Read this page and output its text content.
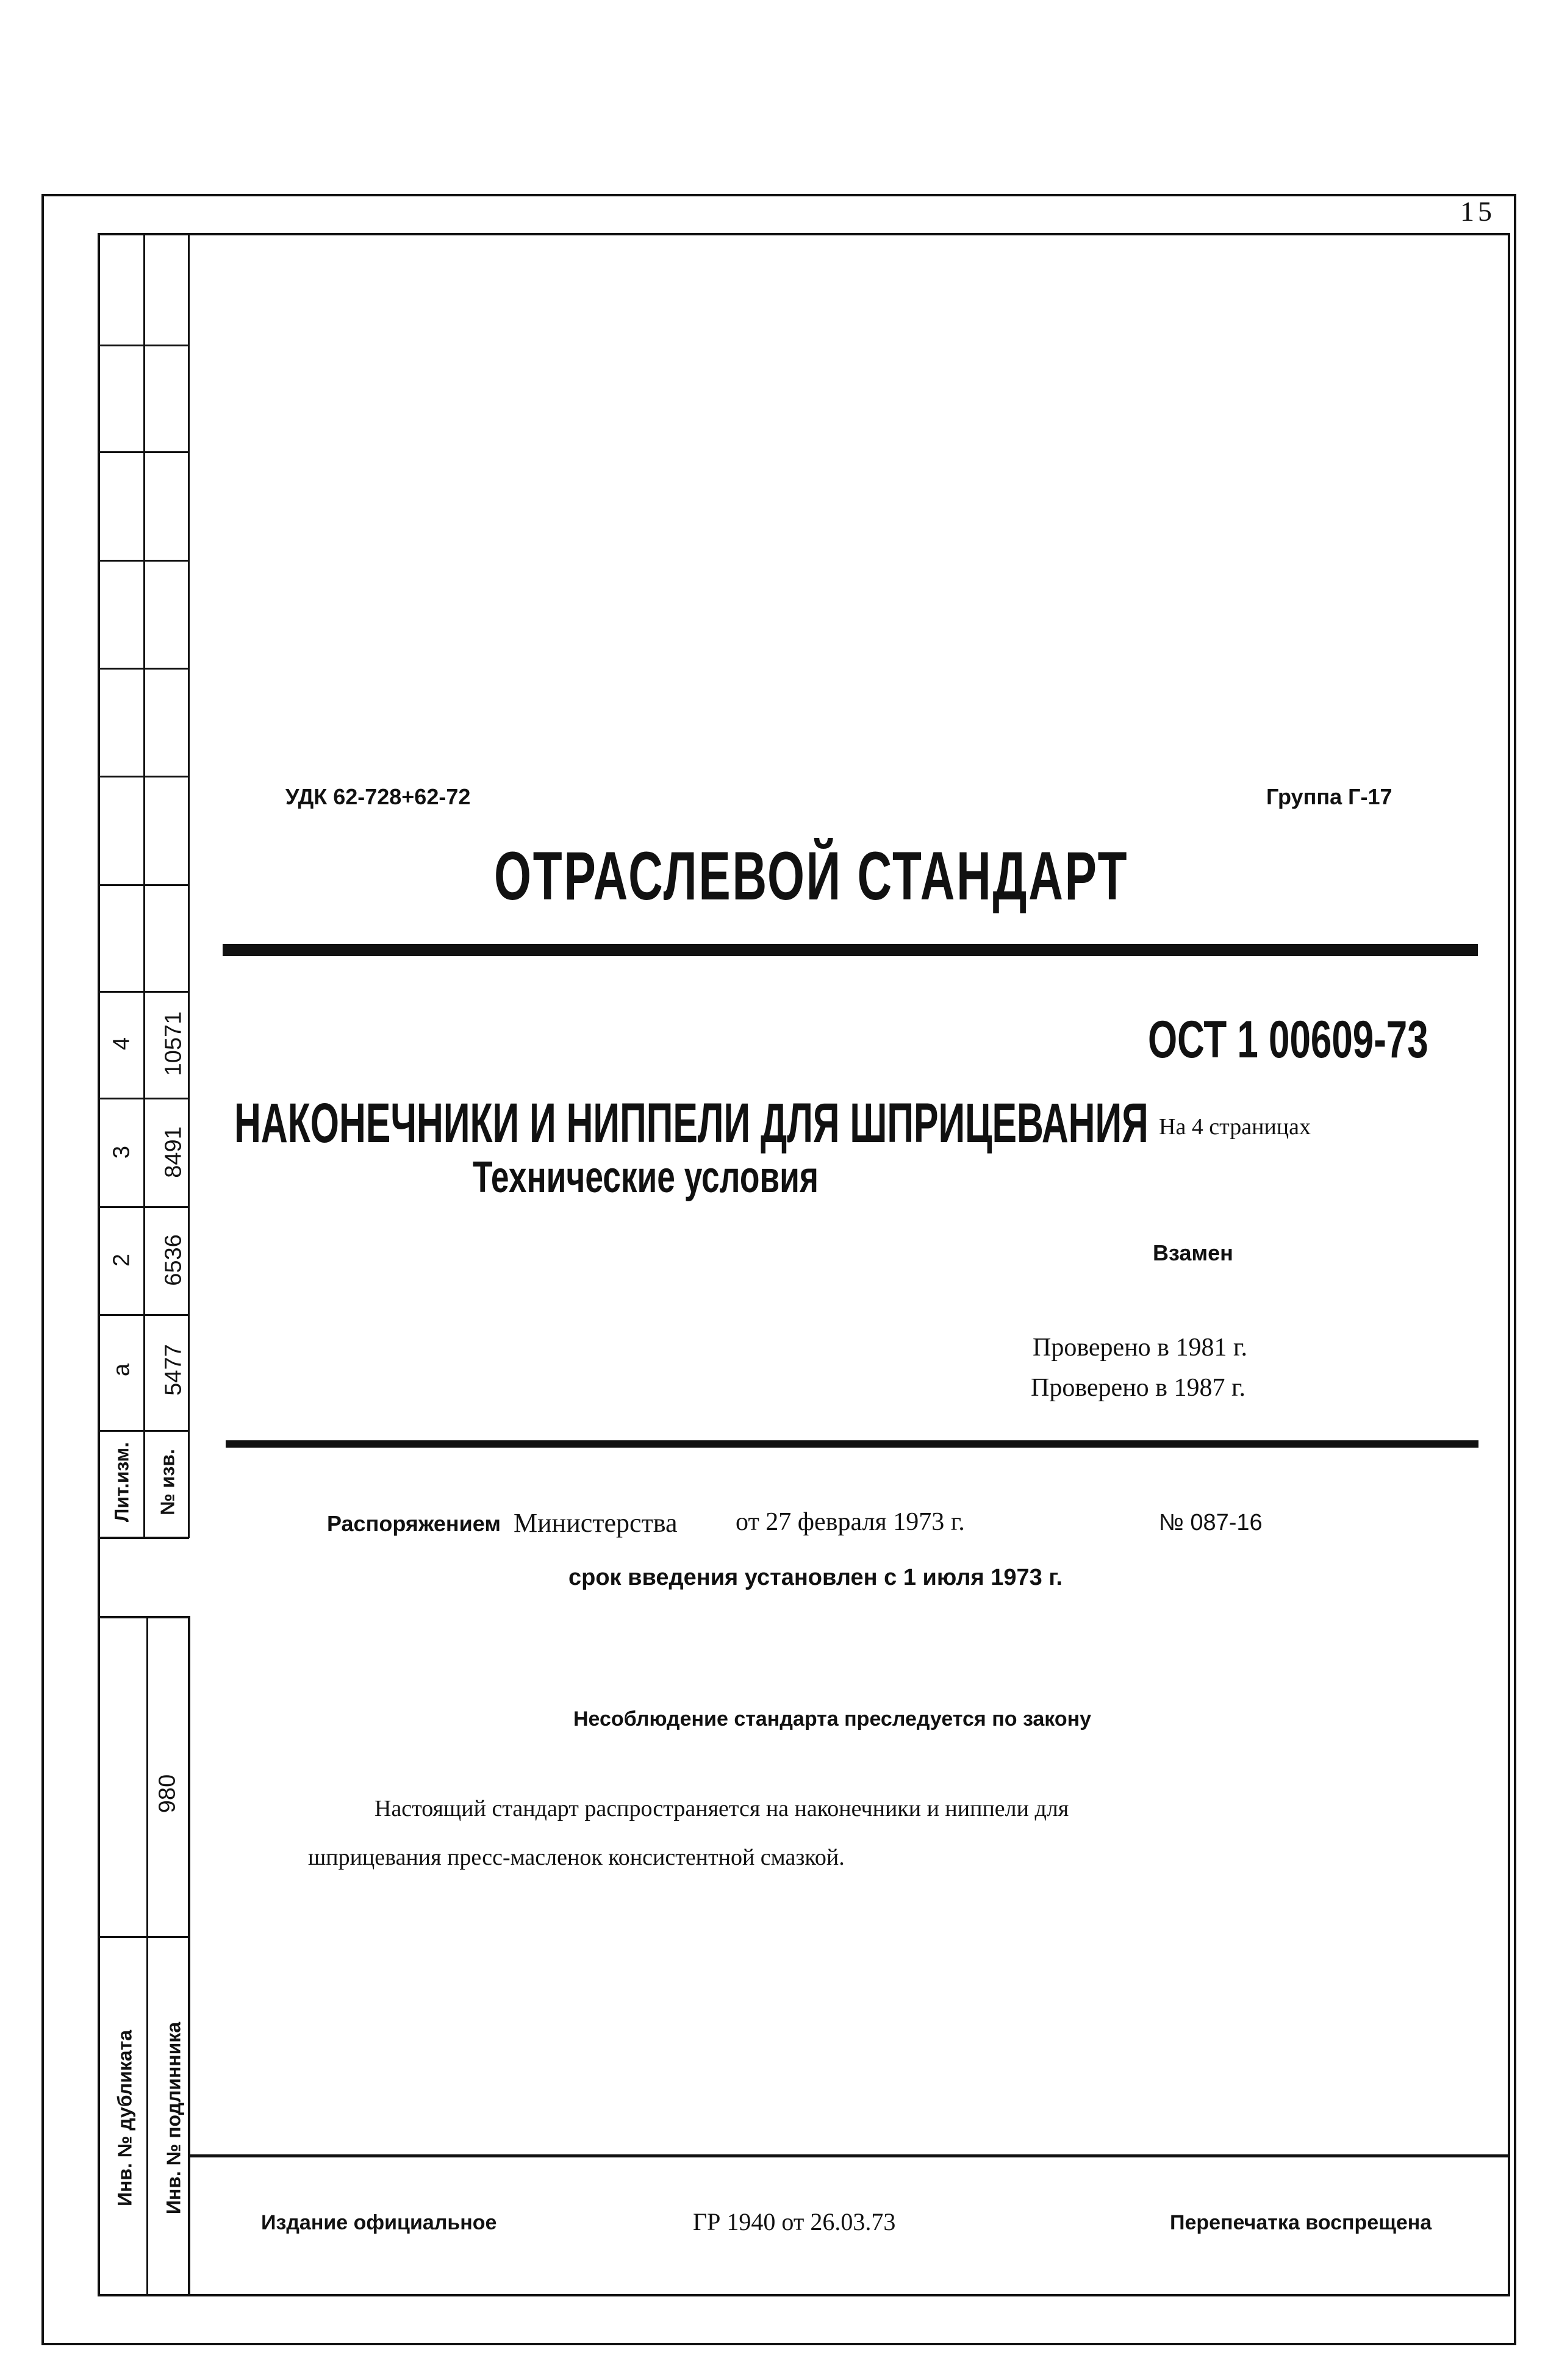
15
4 10571
3 8491
2 6536
а 5477
Лит.изм. № изв.
980
Инв. № дубликата Инв. № подлинника
УДК 62-728+62-72	Группа Г-17
ОТРАСЛЕВОЙ СТАНДАРТ
ОСТ 1 00609-73
НАКОНЕЧНИКИ И НИППЕЛИ ДЛЯ ШПРИЦЕВАНИЯ
Технические условия
На 4 страницах
Взамен
Проверено в 1981 г.
Проверено в 1987 г.
Распоряжением Министерства от 27 февраля 1973 г.	№ 087-16
срок введения установлен с 1 июля 1973 г.
Несоблюдение стандарта преследуется по закону
Настоящий стандарт распространяется на наконечники и ниппели для
шприцевания пресс-масленок консистентной смазкой.
Издание официальное	ГР 1940 от 26.03.73	Перепечатка воспрещена
